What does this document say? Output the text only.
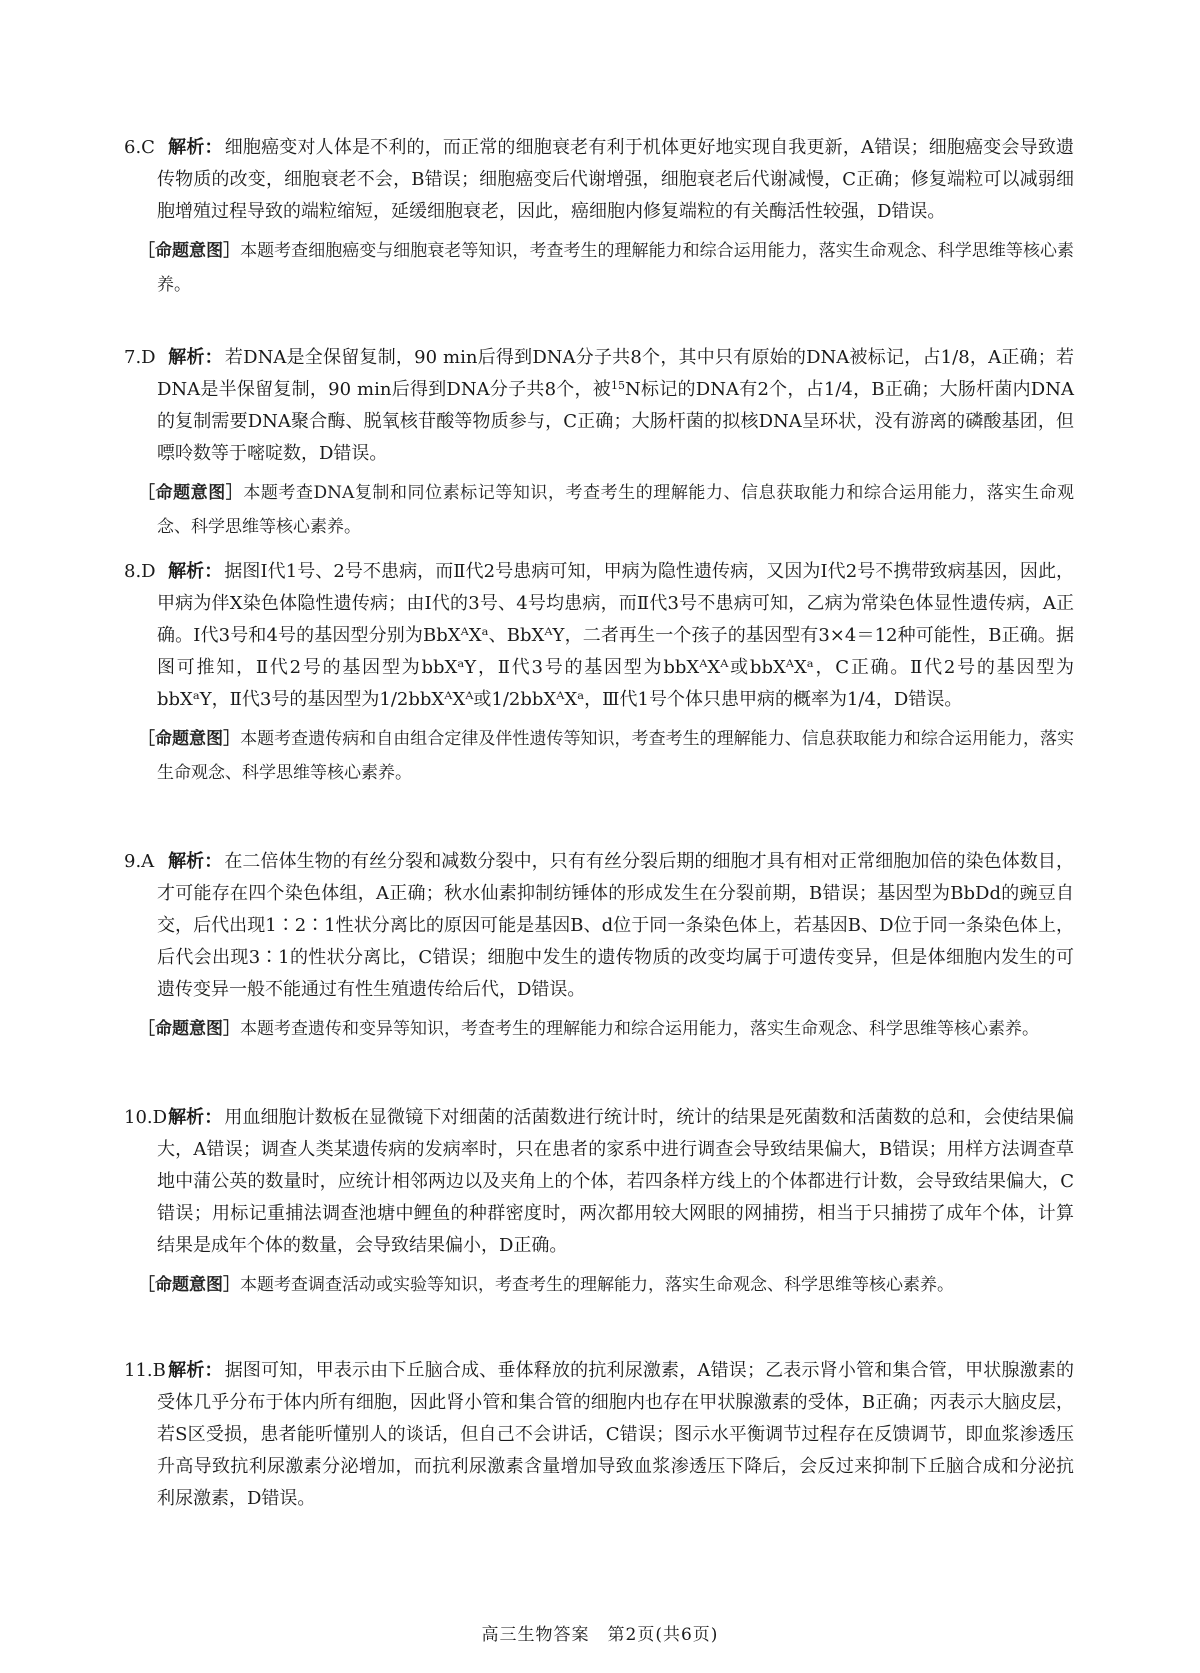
6.C 解析： 细胞癌变对人体是不利的，而正常的细胞衰老有利于机体更好地实现自我更新，A错误；细胞癌变会导致遗传物质的改变，细胞衰老不会，B错误；细胞癌变后代谢增强，细胞衰老后代谢减慢，C正确；修复端粒可以减弱细胞增殖过程导致的端粒缩短，延缓细胞衰老，因此，癌细胞内修复端粒的有关酶活性较强，D错误。
［命题意图］本题考查细胞癌变与细胞衰老等知识，考查考生的理解能力和综合运用能力，落实生命观念、科学思维等核心素养。
7.D 解析： 若DNA是全保留复制，90 min后得到DNA分子共8个，其中只有原始的DNA被标记，占1/8，A正确；若DNA是半保留复制，90 min后得到DNA分子共8个，被$^{15}$N标记的DNA有2个，占1/4，B正确；大肠杆菌内DNA的复制需要DNA聚合酶、脱氧核苷酸等物质参与，C正确；大肠杆菌的拟核DNA呈环状，没有游离的磷酸基团，但嘌呤数等于嘧啶数，D错误。
［命题意图］本题考查DNA复制和同位素标记等知识，考查考生的理解能力、信息获取能力和综合运用能力，落实生命观念、科学思维等核心素养。
8.D 解析： 据图Ⅰ代1号、2号不患病，而Ⅱ代2号患病可知，甲病为隐性遗传病，又因为Ⅰ代2号不携带致病基因，因此，甲病为伴X染色体隐性遗传病；由Ⅰ代的3号、4号均患病，而Ⅱ代3号不患病可知，乙病为常染色体显性遗传病，A正确。Ⅰ代3号和4号的基因型分别为BbXᴬXᵃ、BbXᴬY，二者再生一个孩子的基因型有3×4＝12种可能性，B正确。据图可推知，Ⅱ代2号的基因型为bbXᵃY，Ⅱ代3号的基因型为bbXᴬXᴬ或bbXᴬXᵃ，C正确。Ⅱ代2号的基因型为bbXᵃY，Ⅱ代3号的基因型为1/2bbXᴬXᴬ或1/2bbXᴬXᵃ，Ⅲ代1号个体只患甲病的概率为1/4，D错误。
［命题意图］本题考查遗传病和自由组合定律及伴性遗传等知识，考查考生的理解能力、信息获取能力和综合运用能力，落实生命观念、科学思维等核心素养。
9.A 解析： 在二倍体生物的有丝分裂和减数分裂中，只有有丝分裂后期的细胞才具有相对正常细胞加倍的染色体数目，才可能存在四个染色体组，A正确；秋水仙素抑制纺锤体的形成发生在分裂前期，B错误；基因型为BbDd的豌豆自交，后代出现1∶2∶1性状分离比的原因可能是基因B、d位于同一条染色体上，若基因B、D位于同一条染色体上，后代会出现3∶1的性状分离比，C错误；细胞中发生的遗传物质的改变均属于可遗传变异，但是体细胞内发生的可遗传变异一般不能通过有性生殖遗传给后代，D错误。
［命题意图］本题考查遗传和变异等知识，考查考生的理解能力和综合运用能力，落实生命观念、科学思维等核心素养。
10.D解析： 用血细胞计数板在显微镜下对细菌的活菌数进行统计时，统计的结果是死菌数和活菌数的总和，会使结果偏大，A错误；调查人类某遗传病的发病率时，只在患者的家系中进行调查会导致结果偏大，B错误；用样方法调查草地中蒲公英的数量时，应统计相邻两边以及夹角上的个体，若四条样方线上的个体都进行计数，会导致结果偏大，C错误；用标记重捕法调查池塘中鲤鱼的种群密度时，两次都用较大网眼的网捕捞，相当于只捕捞了成年个体，计算结果是成年个体的数量，会导致结果偏小，D正确。
［命题意图］本题考查调查活动或实验等知识，考查考生的理解能力，落实生命观念、科学思维等核心素养。
11.B 解析： 据图可知，甲表示由下丘脑合成、垂体释放的抗利尿激素，A错误；乙表示肾小管和集合管，甲状腺激素的受体几乎分布于体内所有细胞，因此肾小管和集合管的细胞内也存在甲状腺激素的受体，B正确；丙表示大脑皮层，若S区受损，患者能听懂别人的谈话，但自己不会讲话，C错误；图示水平衡调节过程存在反馈调节，即血浆渗透压升高导致抗利尿激素分泌增加，而抗利尿激素含量增加导致血浆渗透压下降后，会反过来抑制下丘脑合成和分泌抗利尿激素，D错误。
高三生物答案　第2页(共6页)
